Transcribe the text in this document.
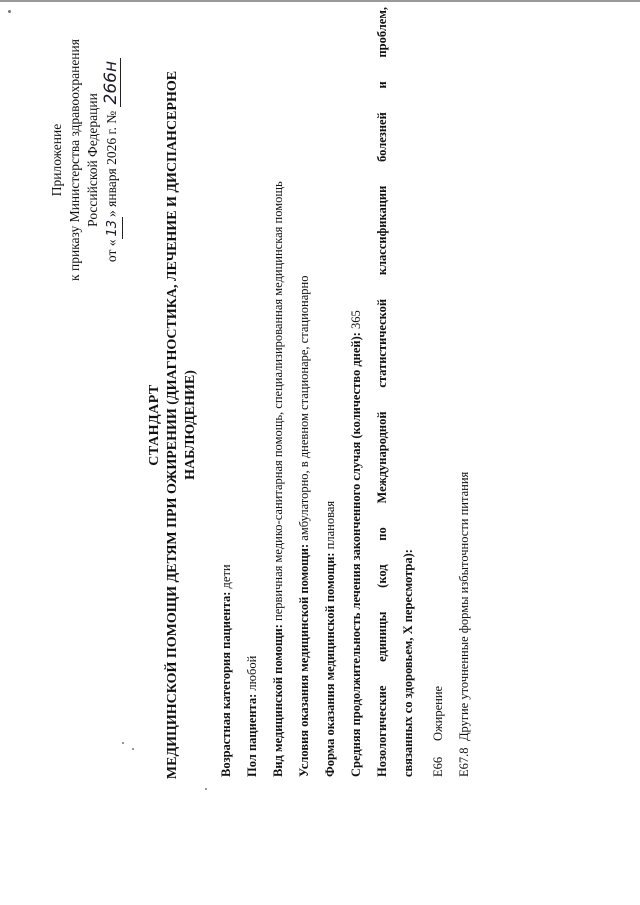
Приложение к приказу Министерства здравоохранения Российской Федерации
от «13» января 2026 г. № 266н
СТАНДАРТ МЕДИЦИНСКОЙ ПОМОЩИ ДЕТЯМ ПРИ ОЖИРЕНИИ (ДИАГНОСТИКА, ЛЕЧЕНИЕ И ДИСПАНСЕРНОЕ НАБЛЮДЕНИЕ)
Возрастная категория пациента: дети
Пол пациента: любой Вид медицинской помощи: первичная медико-санитарная помощь, специализированная медицинская помощь
Условия оказания медицинской помощи: амбулаторно, в дневном стационаре, стационарно
Форма оказания медицинской помощи: плановая Средняя продолжительность лечения законченного случая (количество дней): 365 Нозологические единицы (код по Международной статистической классификации болезней и проблем, связанных со здоровьем, X пересмотра): E66
Ожирение
E67.8
Другие уточненные формы избыточности питания
